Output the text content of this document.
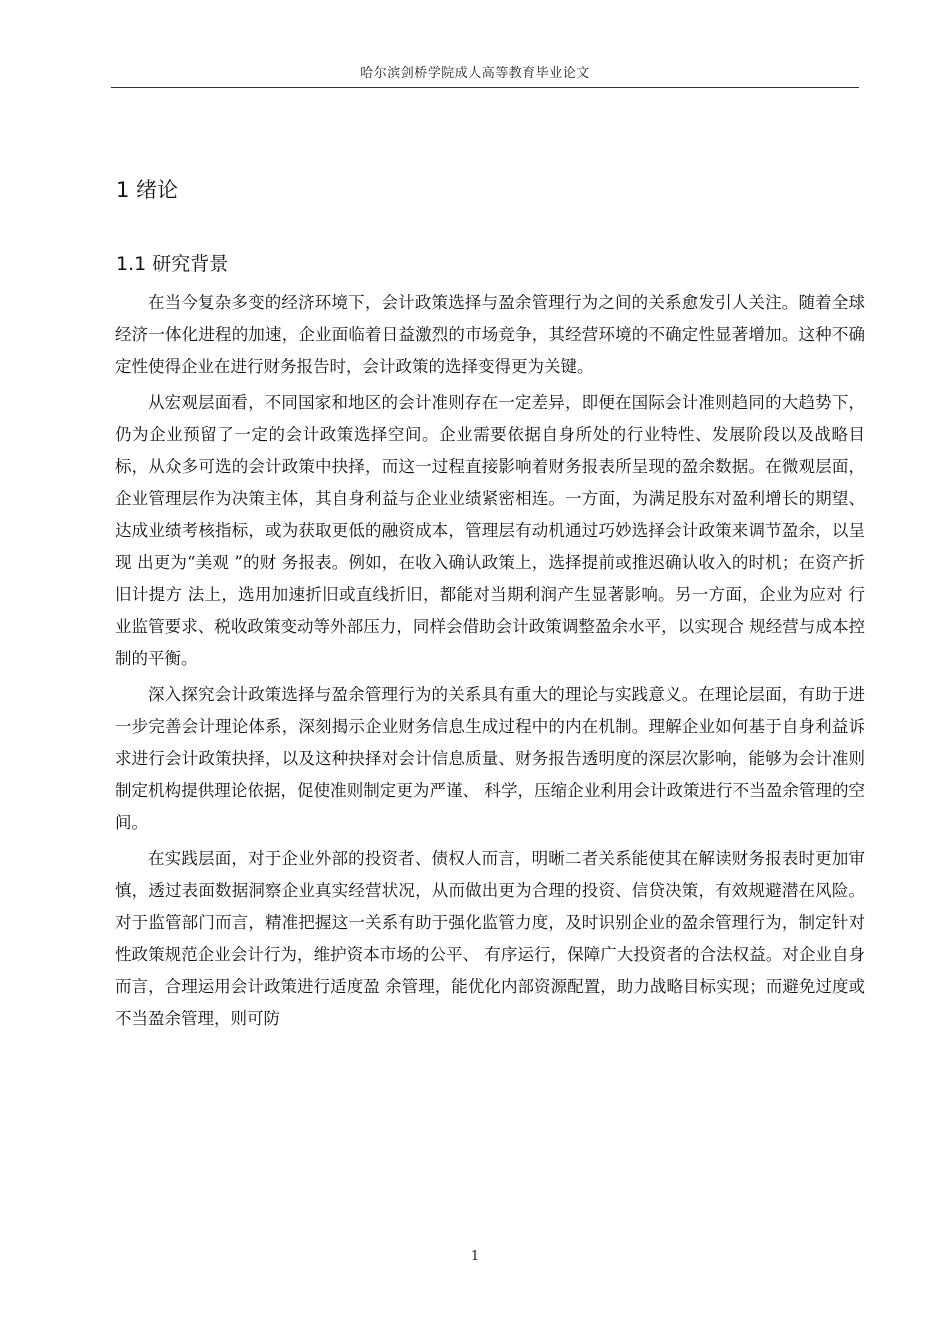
哈尔滨剑桥学院成人高等教育毕业论文
1 绪论
1.1 研究背景

在当今复杂多变的经济环境下，会计政策选择与盈余管理行为之间的关系愈发引人关注。随着全球经济一体化进程的加速，企业面临着日益激烈的市场竞争，其经营环境的不确定性显著增加。这种不确定性使得企业在进行财务报告时，会计政策的选择变得更为关键。

从宏观层面看，不同国家和地区的会计准则存在一定差异，即便在国际会计准则趋同的大趋势下，仍为企业预留了一定的会计政策选择空间。企业需要依据自身所处的行业特性、发展阶段以及战略目标，从众多可选的会计政策中抉择，而这一过程直接影响着财务报表所呈现的盈余数据。在微观层面，企业管理层作为决策主体，其自身利益与企业业绩紧密相连。一方面，为满足股东对盈利增长的期望、达成业绩考核指标，或为获取更低的融资成本，管理层有动机通过巧妙选择会计政策来调节盈余，以呈现 出更为“美观 ”的财 务报表。例如，在收入确认政策上，选择提前或推迟确认收入的时机；在资产折旧计提方 法上，选用加速折旧或直线折旧，都能对当期利润产生显著影响。另一方面，企业为应对 行业监管要求、税收政策变动等外部压力，同样会借助会计政策调整盈余水平，以实现合 规经营与成本控制的平衡。

深入探究会计政策选择与盈余管理行为的关系具有重大的理论与实践意义。在理论层面，有助于进一步完善会计理论体系，深刻揭示企业财务信息生成过程中的内在机制。理解企业如何基于自身利益诉求进行会计政策抉择，以及这种抉择对会计信息质量、财务报告透明度的深层次影响，能够为会计准则制定机构提供理论依据，促使准则制定更为严谨、 科学，压缩企业利用会计政策进行不当盈余管理的空间。

在实践层面，对于企业外部的投资者、债权人而言，明晰二者关系能使其在解读财务报表时更加审慎，透过表面数据洞察企业真实经营状况，从而做出更为合理的投资、信贷决策，有效规避潜在风险。对于监管部门而言，精准把握这一关系有助于强化监管力度，及时识别企业的盈余管理行为，制定针对性政策规范企业会计行为，维护资本市场的公平、 有序运行，保障广大投资者的合法权益。对企业自身而言，合理运用会计政策进行适度盈 余管理，能优化内部资源配置，助力战略目标实现；而避免过度或不当盈余管理，则可防

1
